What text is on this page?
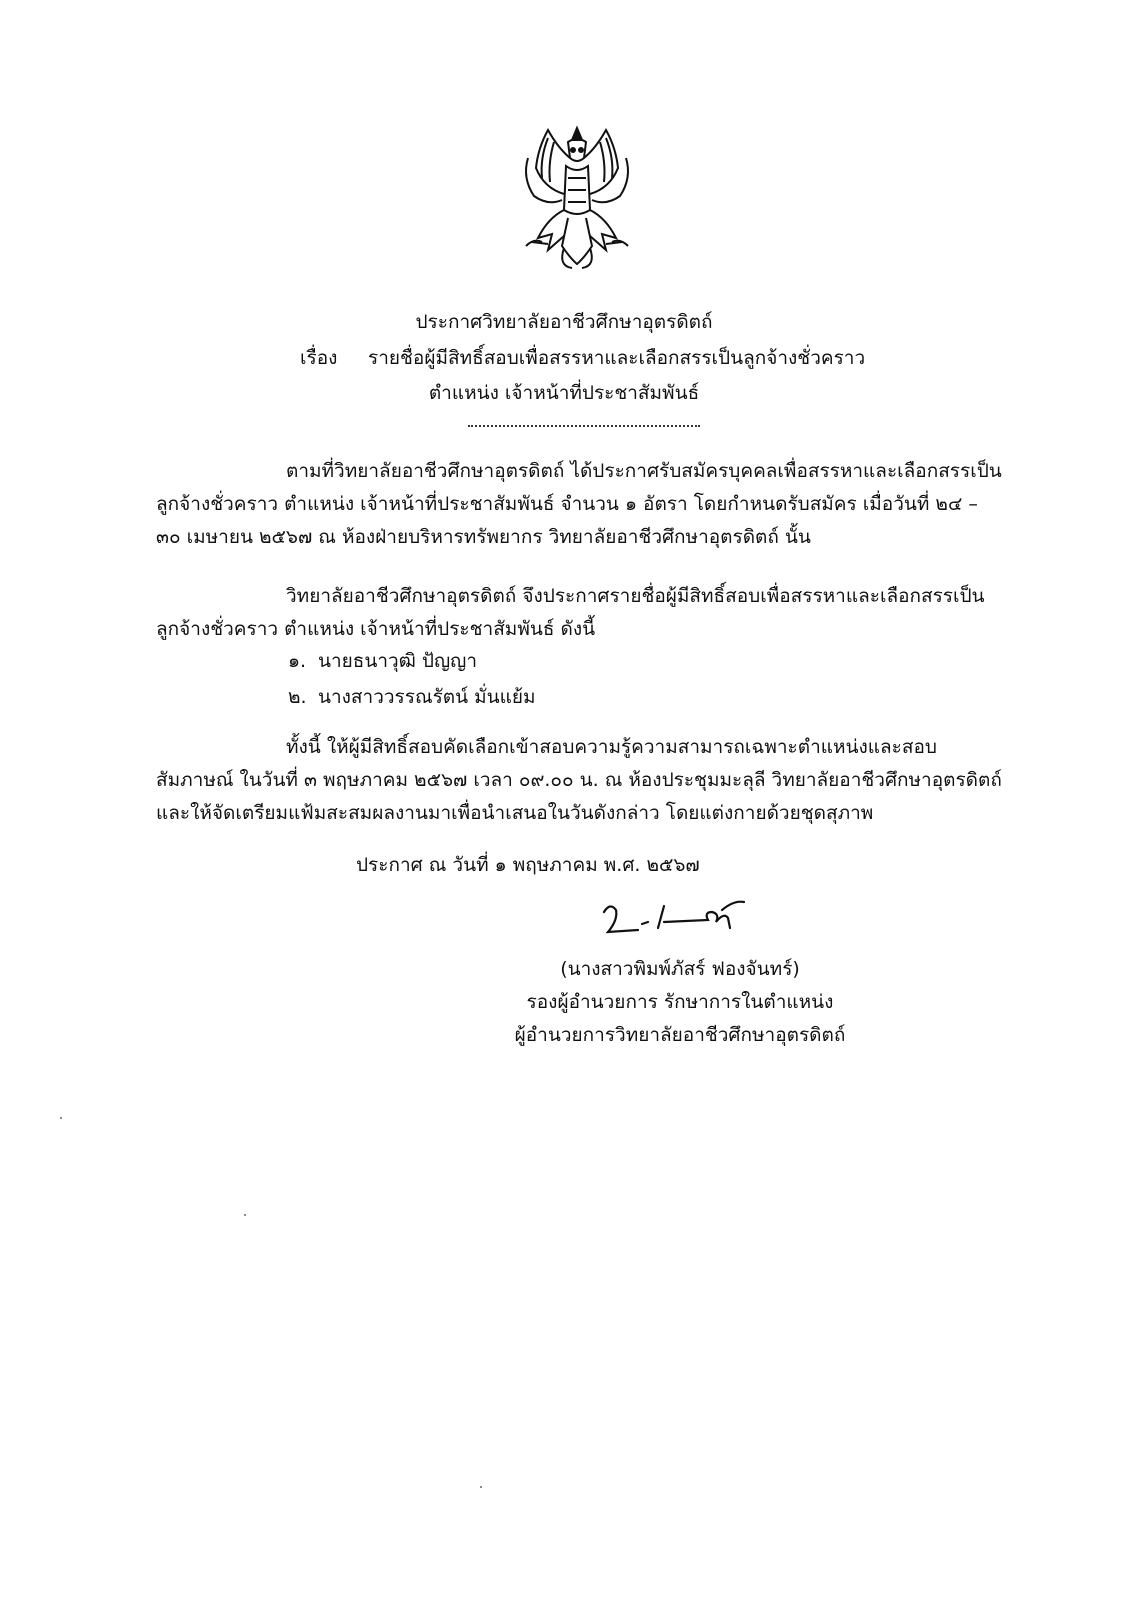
ประกาศวิทยาลัยอาชีวศึกษาอุตรดิตถ์
เรื่อง รายชื่อผู้มีสิทธิ์สอบเพื่อสรรหาและเลือกสรรเป็นลูกจ้างชั่วคราว
ตำแหน่ง เจ้าหน้าที่ประชาสัมพันธ์
ตามที่วิทยาลัยอาชีวศึกษาอุตรดิตถ์ ได้ประกาศรับสมัครบุคคลเพื่อสรรหาและเลือกสรรเป็นลูกจ้างชั่วคราว ตำแหน่ง เจ้าหน้าที่ประชาสัมพันธ์ จำนวน ๑ อัตรา โดยกำหนดรับสมัคร เมื่อวันที่ ๒๔ – ๓๐ เมษายน ๒๕๖๗ ณ ห้องฝ่ายบริหารทรัพยากร วิทยาลัยอาชีวศึกษาอุตรดิตถ์ นั้น
วิทยาลัยอาชีวศึกษาอุตรดิตถ์ จึงประกาศรายชื่อผู้มีสิทธิ์สอบเพื่อสรรหาและเลือกสรรเป็นลูกจ้างชั่วคราว ตำแหน่ง เจ้าหน้าที่ประชาสัมพันธ์ ดังนี้
๑. นายธนาวุฒิ ปัญญา
๒. นางสาววรรณรัตน์ มั่นแย้ม
ทั้งนี้ ให้ผู้มีสิทธิ์สอบคัดเลือกเข้าสอบความรู้ความสามารถเฉพาะตำแหน่งและสอบสัมภาษณ์ ในวันที่ ๓ พฤษภาคม ๒๕๖๗ เวลา ๐๙.๐๐ น. ณ ห้องประชุมมะลุลี วิทยาลัยอาชีวศึกษาอุตรดิตถ์ และให้จัดเตรียมแฟ้มสะสมผลงานมาเพื่อนำเสนอในวันดังกล่าว โดยแต่งกายด้วยชุดสุภาพ
ประกาศ ณ วันที่ ๑ พฤษภาคม พ.ศ. ๒๕๖๗
(นางสาวพิมพ์ภัสร์ ฟองจันทร์)
รองผู้อำนวยการ รักษาการในตำแหน่ง
ผู้อำนวยการวิทยาลัยอาชีวศึกษาอุตรดิตถ์
